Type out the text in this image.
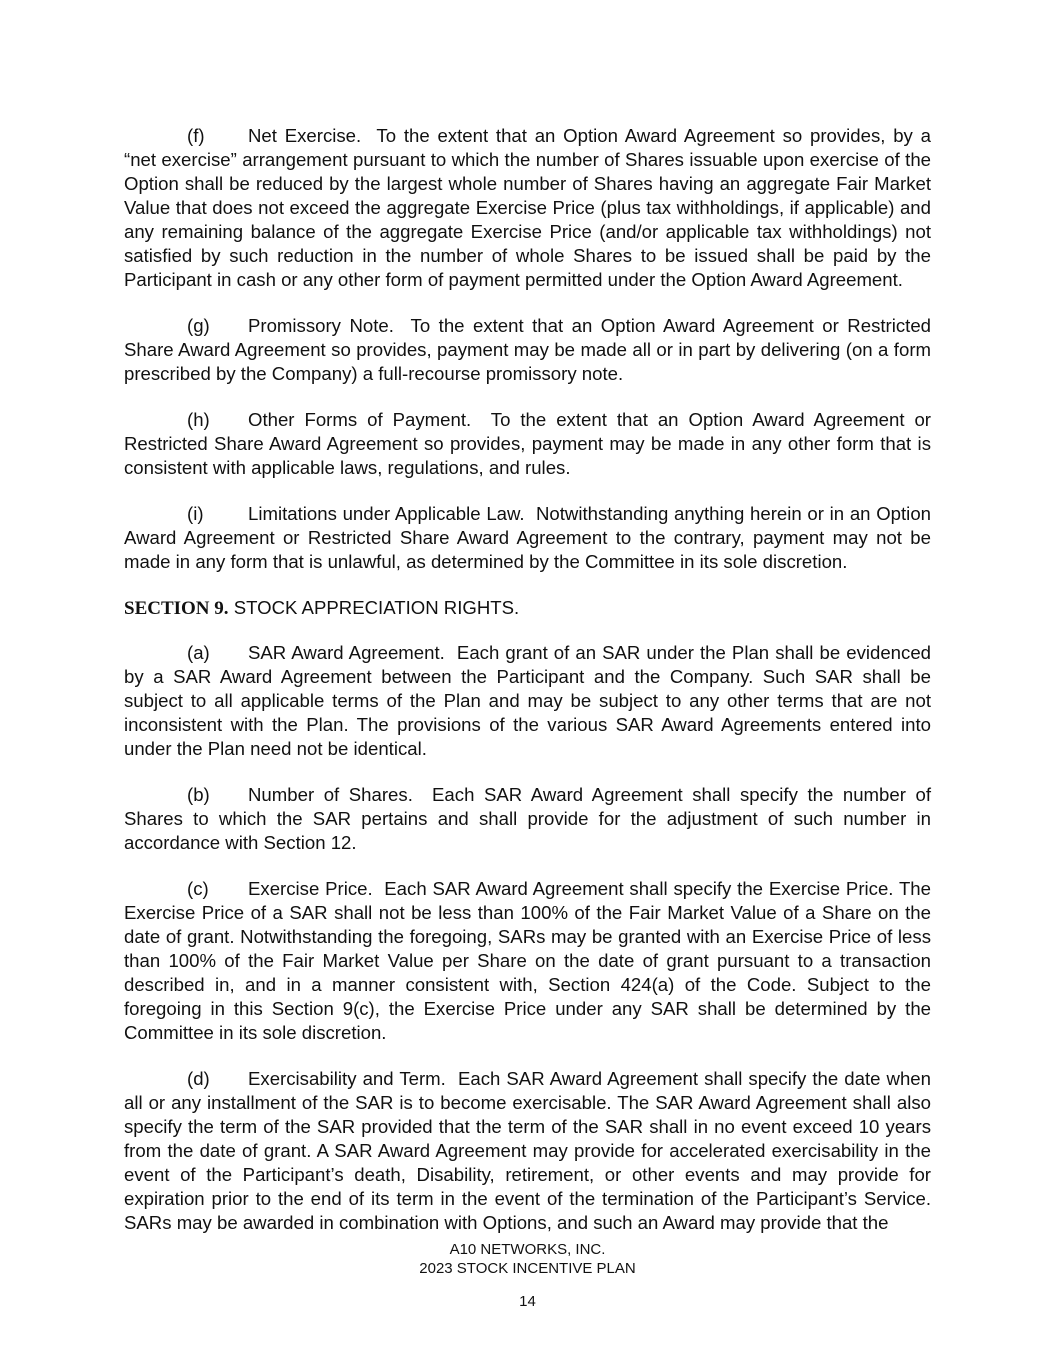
(f) Net Exercise. To the extent that an Option Award Agreement so provides, by a “net exercise” arrangement pursuant to which the number of Shares issuable upon exercise of the Option shall be reduced by the largest whole number of Shares having an aggregate Fair Market Value that does not exceed the aggregate Exercise Price (plus tax withholdings, if applicable) and any remaining balance of the aggregate Exercise Price (and/or applicable tax withholdings) not satisfied by such reduction in the number of whole Shares to be issued shall be paid by the Participant in cash or any other form of payment permitted under the Option Award Agreement.

(g) Promissory Note. To the extent that an Option Award Agreement or Restricted Share Award Agreement so provides, payment may be made all or in part by delivering (on a form prescribed by the Company) a full-recourse promissory note.

(h) Other Forms of Payment. To the extent that an Option Award Agreement or Restricted Share Award Agreement so provides, payment may be made in any other form that is consistent with applicable laws, regulations, and rules.

(i) Limitations under Applicable Law. Notwithstanding anything herein or in an Option Award Agreement or Restricted Share Award Agreement to the contrary, payment may not be made in any form that is unlawful, as determined by the Committee in its sole discretion.

SECTION 9. STOCK APPRECIATION RIGHTS.

(a) SAR Award Agreement. Each grant of an SAR under the Plan shall be evidenced by a SAR Award Agreement between the Participant and the Company. Such SAR shall be subject to all applicable terms of the Plan and may be subject to any other terms that are not inconsistent with the Plan. The provisions of the various SAR Award Agreements entered into under the Plan need not be identical.

(b) Number of Shares. Each SAR Award Agreement shall specify the number of Shares to which the SAR pertains and shall provide for the adjustment of such number in accordance with Section 12.

(c) Exercise Price. Each SAR Award Agreement shall specify the Exercise Price. The Exercise Price of a SAR shall not be less than 100% of the Fair Market Value of a Share on the date of grant. Notwithstanding the foregoing, SARs may be granted with an Exercise Price of less than 100% of the Fair Market Value per Share on the date of grant pursuant to a transaction described in, and in a manner consistent with, Section 424(a) of the Code. Subject to the foregoing in this Section 9(c), the Exercise Price under any SAR shall be determined by the Committee in its sole discretion.

(d) Exercisability and Term. Each SAR Award Agreement shall specify the date when all or any installment of the SAR is to become exercisable. The SAR Award Agreement shall also specify the term of the SAR provided that the term of the SAR shall in no event exceed 10 years from the date of grant. A SAR Award Agreement may provide for accelerated exercisability in the event of the Participant’s death, Disability, retirement, or other events and may provide for expiration prior to the end of its term in the event of the termination of the Participant’s Service. SARs may be awarded in combination with Options, and such an Award may provide that the

A10 NETWORKS, INC.
2023 STOCK INCENTIVE PLAN
14
